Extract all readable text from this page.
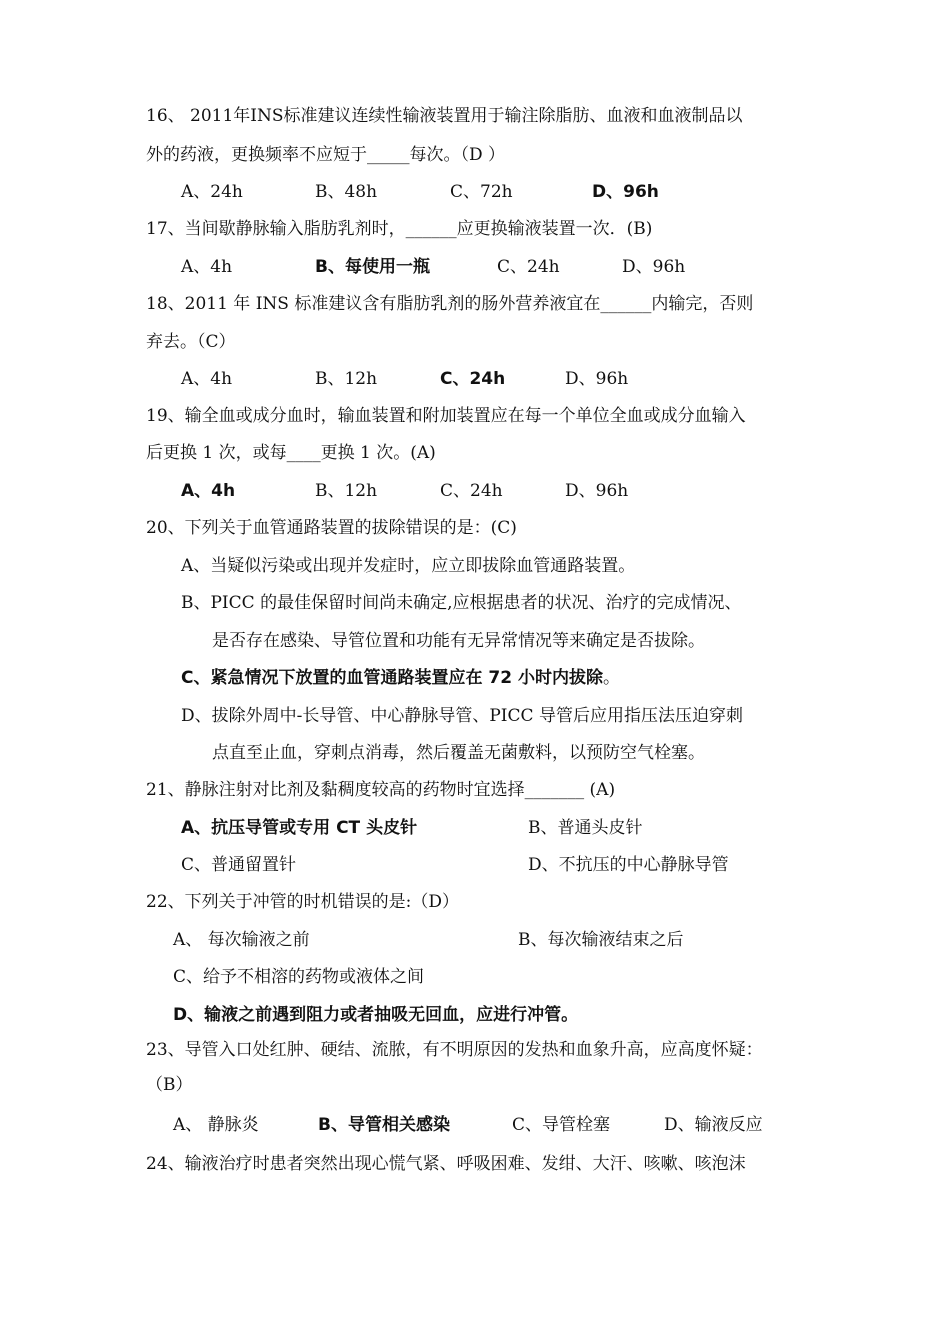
16、 2011年INS标准建议连续性输液装置用于输注除脂肪、血液和血液制品以
外的药液，更换频率不应短于_____每次。（D ）
A、24h	B、48h	C、72h	D、96h
17、当间歇静脉输入脂肪乳剂时，______应更换输液装置一次．(B)
A、4h	B、每使用一瓶	C、24h	D、96h
18、2011 年 INS 标准建议含有脂肪乳剂的肠外营养液宜在______内输完，否则
弃去。（C）
A、4h	B、12h	C、24h	D、96h
19、输全血或成分血时，输血装置和附加装置应在每一个单位全血或成分血输入
后更换 1 次，或每____更换 1 次。(A)
A、4h	B、12h	C、24h	D、96h
20、下列关于血管通路装置的拔除错误的是：(C)
A、当疑似污染或出现并发症时，应立即拔除血管通路装置。
B、PICC 的最佳保留时间尚未确定,应根据患者的状况、治疗的完成情况、
是否存在感染、导管位置和功能有无异常情况等来确定是否拔除。
C、紧急情况下放置的血管通路装置应在 72 小时内拔除。
D、拔除外周中-长导管、中心静脉导管、PICC 导管后应用指压法压迫穿刺
点直至止血，穿刺点消毒，然后覆盖无菌敷料，以预防空气栓塞。
21、静脉注射对比剂及黏稠度较高的药物时宜选择_______ (A)
A、抗压导管或专用 CT 头皮针	B、普通头皮针
C、普通留置针	D、不抗压的中心静脉导管
22、下列关于冲管的时机错误的是:（D）
A、 每次输液之前	B、每次输液结束之后
C、给予不相溶的药物或液体之间
D、输液之前遇到阻力或者抽吸无回血，应进行冲管。
23、导管入口处红肿、硬结、流脓，有不明原因的发热和血象升高，应高度怀疑：
（B）
A、 静脉炎	B、导管相关感染	C、导管栓塞	D、输液反应
24、输液治疗时患者突然出现心慌气紧、呼吸困难、发绀、大汗、咳嗽、咳泡沫
